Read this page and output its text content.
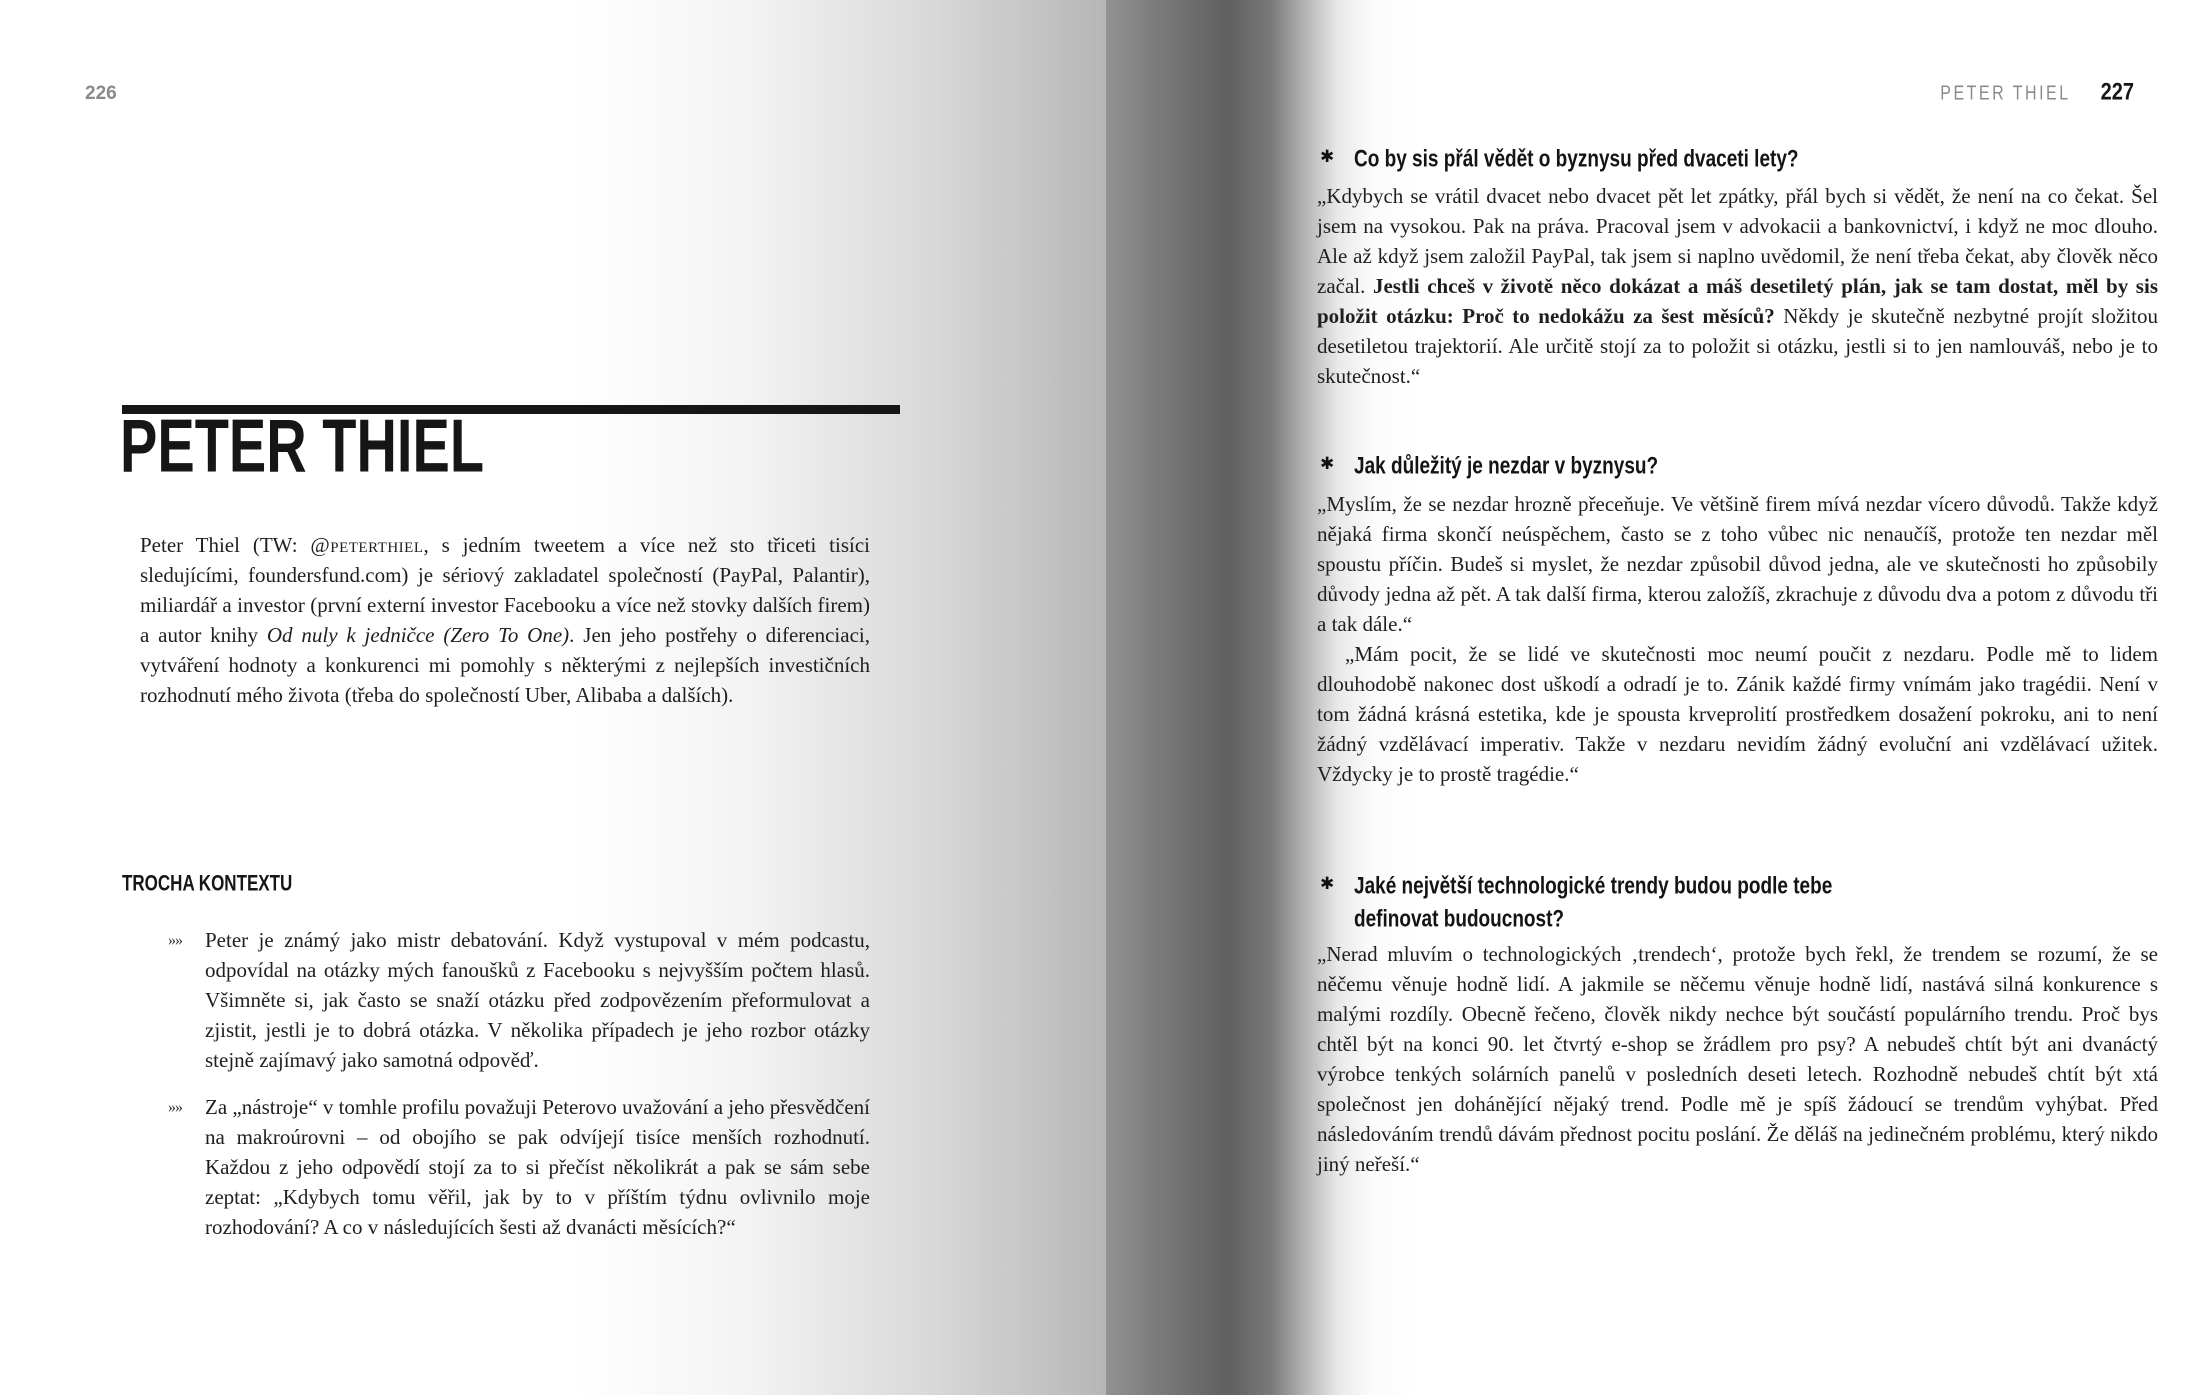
226
PETER THIEL
Peter Thiel (TW: @peterthiel, s jedním tweetem a více než sto třiceti tisíci sledujícími, foundersfund.com) je sériový zakladatel společností (PayPal, Palantir), miliardář a investor (první externí investor Facebooku a více než stovky dalších firem) a autor knihy Od nuly k jedničce (Zero To One). Jen jeho postřehy o diferenciaci, vytváření hodnoty a konkurenci mi pomohly s některými z nejlepších investičních rozhodnutí mého života (třeba do společností Uber, Alibaba a dalších).
TROCHA KONTEXTU
»» Peter je známý jako mistr debatování. Když vystupoval v mém podcastu, odpovídal na otázky mých fanoušků z Facebooku s nejvyšším počtem hlasů. Všimněte si, jak často se snaží otázku před zodpovězením přeformulovat a zjistit, jestli je to dobrá otázka. V několika případech je jeho rozbor otázky stejně zajímavý jako samotná odpověď.
»» Za „nástroje“ v tomhle profilu považuji Peterovo uvažování a jeho přesvědčení na makroúrovni – od obojího se pak odvíjejí tisíce menších rozhodnutí. Každou z jeho odpovědí stojí za to si přečíst několikrát a pak se sám sebe zeptat: „Kdybych tomu věřil, jak by to v příštím týdnu ovlivnilo moje rozhodování? A co v následujících šesti až dvanácti měsících?“
PETER THIEL 227
✱ Co by sis přál vědět o byznysu před dvaceti lety?

„Kdybych se vrátil dvacet nebo dvacet pět let zpátky, přál bych si vědět, že není na co čekat. Šel jsem na vysokou. Pak na práva. Pracoval jsem v advokacii a bankovnictví, i když ne moc dlouho. Ale až když jsem založil PayPal, tak jsem si naplno uvědomil, že není třeba čekat, aby člověk něco začal. Jestli chceš v životě něco dokázat a máš desetiletý plán, jak se tam dostat, měl by sis položit otázku: Proč to nedokážu za šest měsíců? Někdy je skutečně nezbytné projít složitou desetiletou trajektorií. Ale určitě stojí za to položit si otázku, jestli si to jen namlouváš, nebo je to skutečnost.“

✱ Jak důležitý je nezdar v byznysu?

„Myslím, že se nezdar hrozně přeceňuje. Ve většině firem mívá nezdar vícero důvodů. Takže když nějaká firma skončí neúspěchem, často se z toho vůbec nic nenaučíš, protože ten nezdar měl spoustu příčin. Budeš si myslet, že nezdar způsobil důvod jedna, ale ve skutečnosti ho způsobily důvody jedna až pět. A tak další firma, kterou založíš, zkrachuje z důvodu dva a potom z důvodu tři a tak dále.“

„Mám pocit, že se lidé ve skutečnosti moc neumí poučit z nezdaru. Podle mě to lidem dlouhodobě nakonec dost uškodí a odradí je to. Zánik každé firmy vnímám jako tragédii. Není v tom žádná krásná estetika, kde je spousta krveprolití prostředkem dosažení pokroku, ani to není žádný vzdělávací imperativ. Takže v nezdaru nevidím žádný evoluční ani vzdělávací užitek. Vždycky je to prostě tragédie.“

✱ Jaké největší technologické trendy budou podle tebe
definovat budoucnost?

„Nerad mluvím o technologických ‚trendech‘, protože bych řekl, že trendem se rozumí, že se něčemu věnuje hodně lidí. A jakmile se něčemu věnuje hodně lidí, nastává silná konkurence s malými rozdíly. Obecně řečeno, člověk nikdy nechce být součástí populárního trendu. Proč bys chtěl být na konci 90. let čtvrtý e-shop se žrádlem pro psy? A nebudeš chtít být ani dvanáctý výrobce tenkých solárních panelů v posledních deseti letech. Rozhodně nebudeš chtít být xtá společnost jen dohánějící nějaký trend. Podle mě je spíš žádoucí se trendům vyhýbat. Před následováním trendů dávám přednost pocitu poslání. Že děláš na jedinečném problému, který nikdo jiný neřeší.“
